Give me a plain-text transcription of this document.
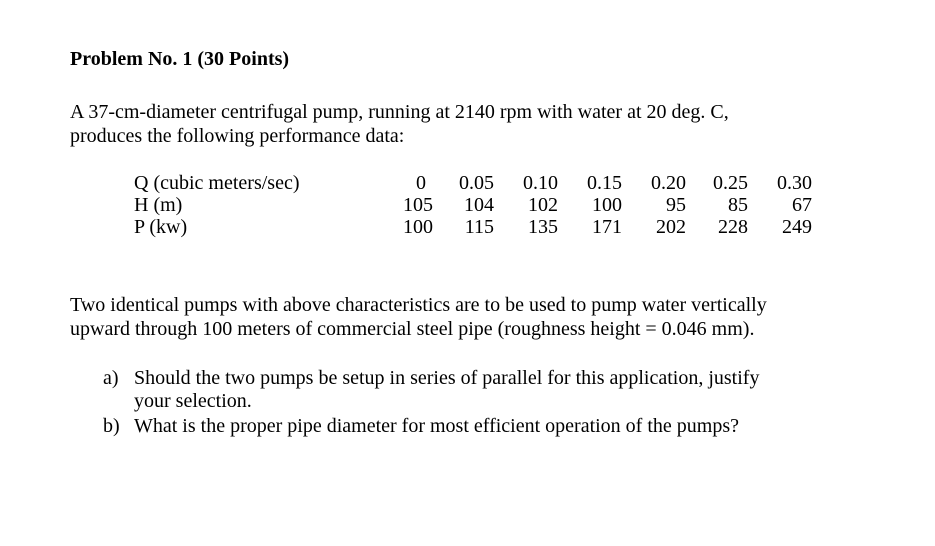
Problem No. 1 (30 Points)

A 37-cm-diameter centrifugal pump, running at 2140 rpm with water at 20 deg. C,
produces the following performance data:

Q (cubic meters/sec)	0	0.05	0.10	0.15	0.20	0.25	0.30
H (m)	105	104	102	100	95	85	67
P (kw)	100	115	135	171	202	228	249

Two identical pumps with above characteristics are to be used to pump water vertically
upward through 100 meters of commercial steel pipe (roughness height = 0.046 mm).

a) Should the two pumps be setup in series of parallel for this application, justify
your selection.
b) What is the proper pipe diameter for most efficient operation of the pumps?
